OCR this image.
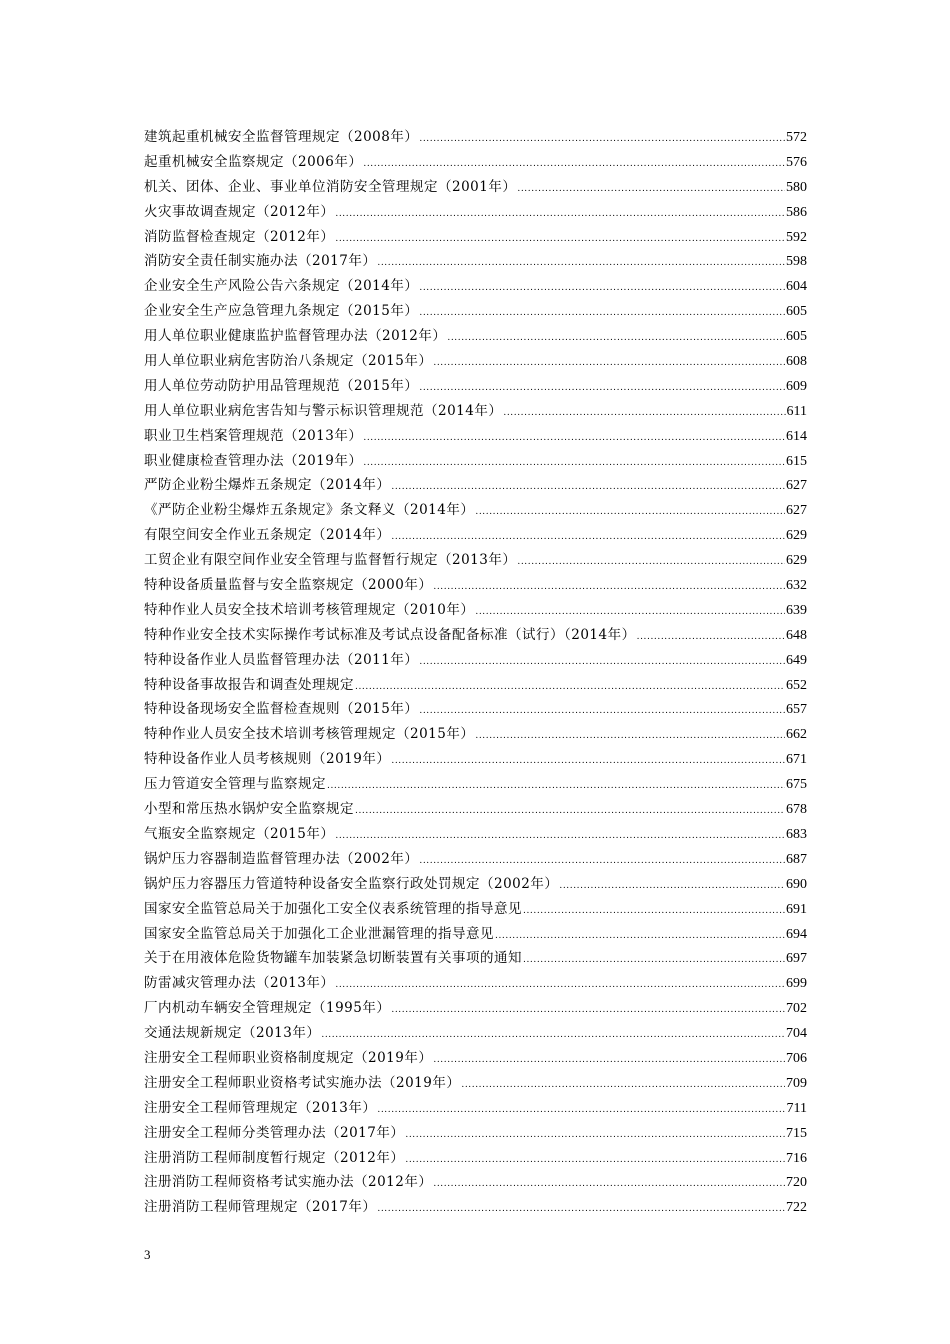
建筑起重机械安全监督管理规定（2008年） .....	572
起重机械安全监察规定（2006年） .....	576
机关、团体、企业、事业单位消防安全管理规定（2001年） .....	580
火灾事故调查规定（2012年） .....	586
消防监督检查规定（2012年） .....	592
消防安全责任制实施办法（2017年） .....	598
企业安全生产风险公告六条规定（2014年） .....	604
企业安全生产应急管理九条规定（2015年） .....	605
用人单位职业健康监护监督管理办法（2012年） .....	605
用人单位职业病危害防治八条规定（2015年） .....	608
用人单位劳动防护用品管理规范（2015年） .....	609
用人单位职业病危害告知与警示标识管理规范（2014年） .....	611
职业卫生档案管理规范（2013年） .....	614
职业健康检查管理办法（2019年） .....	615
严防企业粉尘爆炸五条规定（2014年） .....	627
《严防企业粉尘爆炸五条规定》条文释义（2014年） .....	627
有限空间安全作业五条规定（2014年） .....	629
工贸企业有限空间作业安全管理与监督暂行规定（2013年） .....	629
特种设备质量监督与安全监察规定（2000年） .....	632
特种作业人员安全技术培训考核管理规定（2010年） .....	639
特种作业安全技术实际操作考试标准及考试点设备配备标准（试行）（2014年） .....	648
特种设备作业人员监督管理办法（2011年） .....	649
特种设备事故报告和调查处理规定 .....	652
特种设备现场安全监督检查规则（2015年） .....	657
特种作业人员安全技术培训考核管理规定（2015年） .....	662
特种设备作业人员考核规则（2019年） .....	671
压力管道安全管理与监察规定 .....	675
小型和常压热水锅炉安全监察规定 .....	678
气瓶安全监察规定（2015年） .....	683
锅炉压力容器制造监督管理办法（2002年） .....	687
锅炉压力容器压力管道特种设备安全监察行政处罚规定（2002年） .....	690
国家安全监管总局关于加强化工安全仪表系统管理的指导意见 .....	691
国家安全监管总局关于加强化工企业泄漏管理的指导意见 .....	694
关于在用液体危险货物罐车加装紧急切断装置有关事项的通知 .....	697
防雷减灾管理办法（2013年） .....	699
厂内机动车辆安全管理规定（1995年） .....	702
交通法规新规定（2013年） .....	704
注册安全工程师职业资格制度规定（2019年） .....	706
注册安全工程师职业资格考试实施办法（2019年） .....	709
注册安全工程师管理规定（2013年） .....	711
注册安全工程师分类管理办法（2017年） .....	715
注册消防工程师制度暂行规定（2012年） .....	716
注册消防工程师资格考试实施办法（2012年） .....	720
注册消防工程师管理规定（2017年） .....	722
3
